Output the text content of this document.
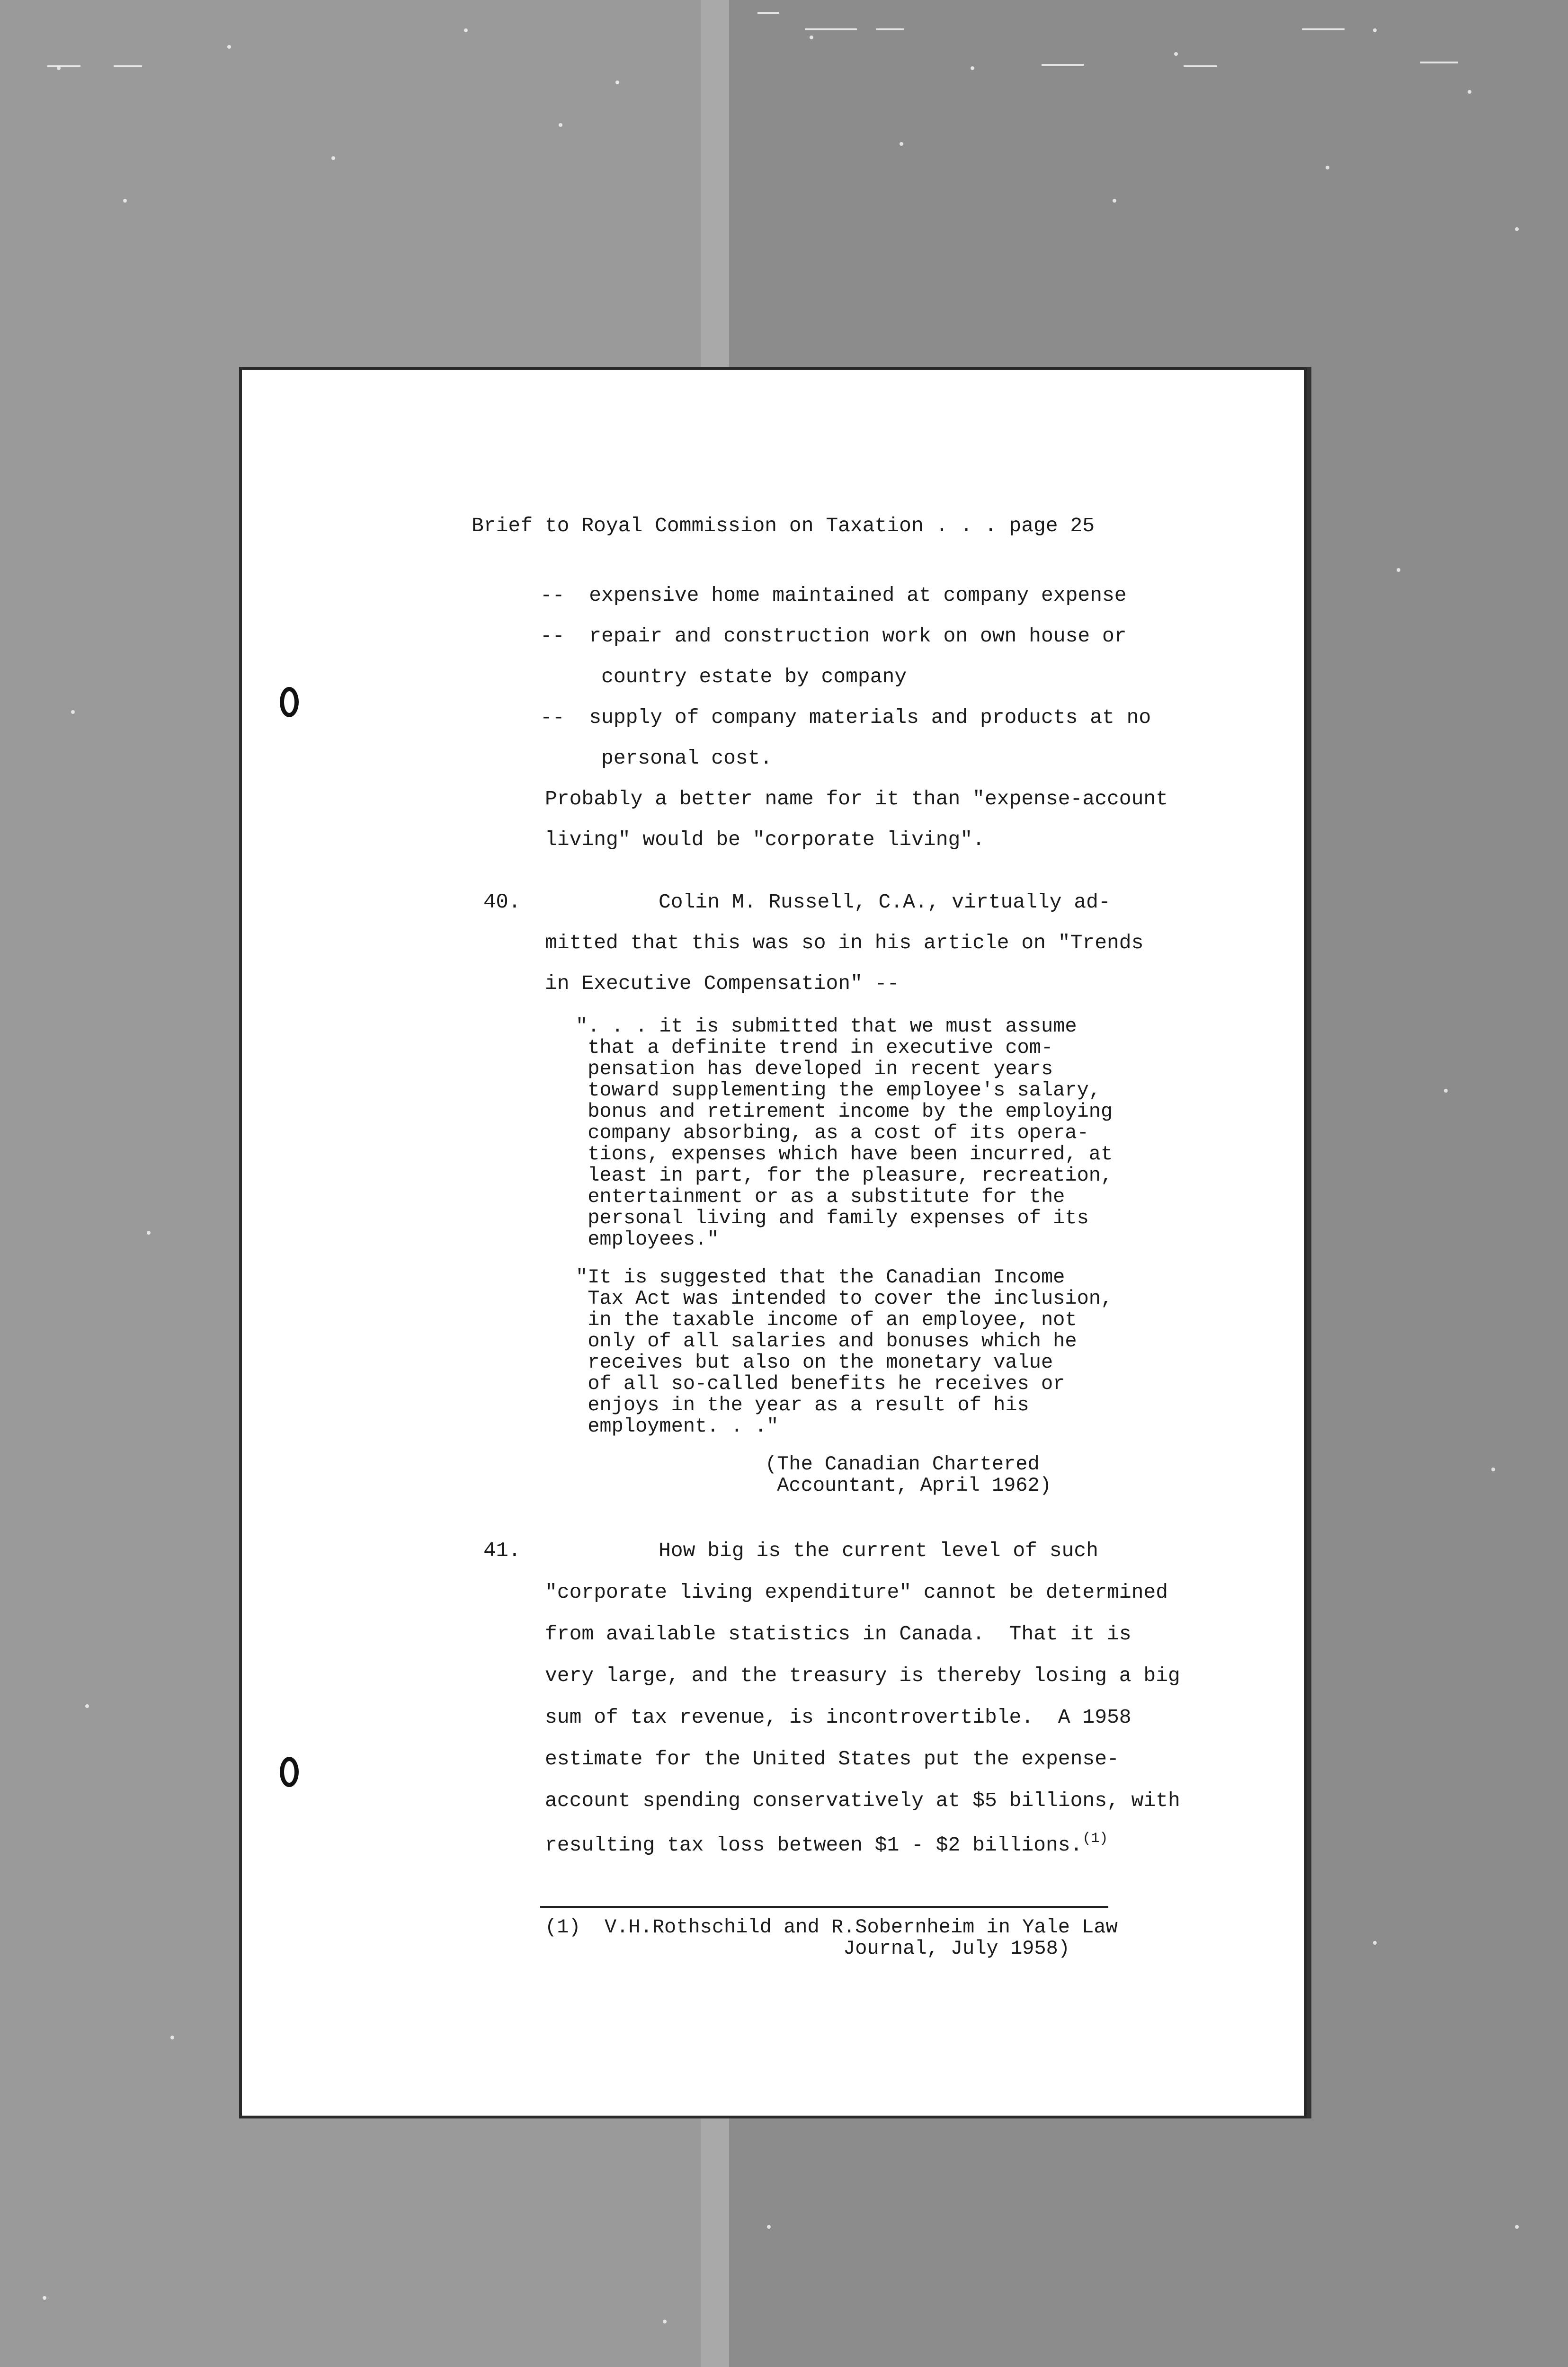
Brief to Royal Commission on Taxation . . . page 25
--  expensive home maintained at company expense
--  repair and construction work on own house or
country estate by company
--  supply of company materials and products at no
personal cost.
Probably a better name for it than "expense-account
living" would be "corporate living".
40.	Colin M. Russell, C.A., virtually ad-
mitted that this was so in his article on "Trends
in Executive Compensation" --
". . . it is submitted that we must assume
that a definite trend in executive com-
pensation has developed in recent years
toward supplementing the employee's salary,
bonus and retirement income by the employing
company absorbing, as a cost of its opera-
tions, expenses which have been incurred, at
least in part, for the pleasure, recreation,
entertainment or as a substitute for the
personal living and family expenses of its
employees."
"It is suggested that the Canadian Income
Tax Act was intended to cover the inclusion,
in the taxable income of an employee, not
only of all salaries and bonuses which he
receives but also on the monetary value
of all so-called benefits he receives or
enjoys in the year as a result of his
employment. . ."
(The Canadian Chartered
Accountant, April 1962)
41.	How big is the current level of such
"corporate living expenditure" cannot be determined
from available statistics in Canada.  That it is
very large, and the treasury is thereby losing a big
sum of tax revenue, is incontrovertible.  A 1958
estimate for the United States put the expense-
account spending conservatively at $5 billions, with
resulting tax loss between $1 - $2 billions.$^{(1)}$
(1)  V.H.Rothschild and R.Sobernheim in Yale Law
Journal, July 1958)
